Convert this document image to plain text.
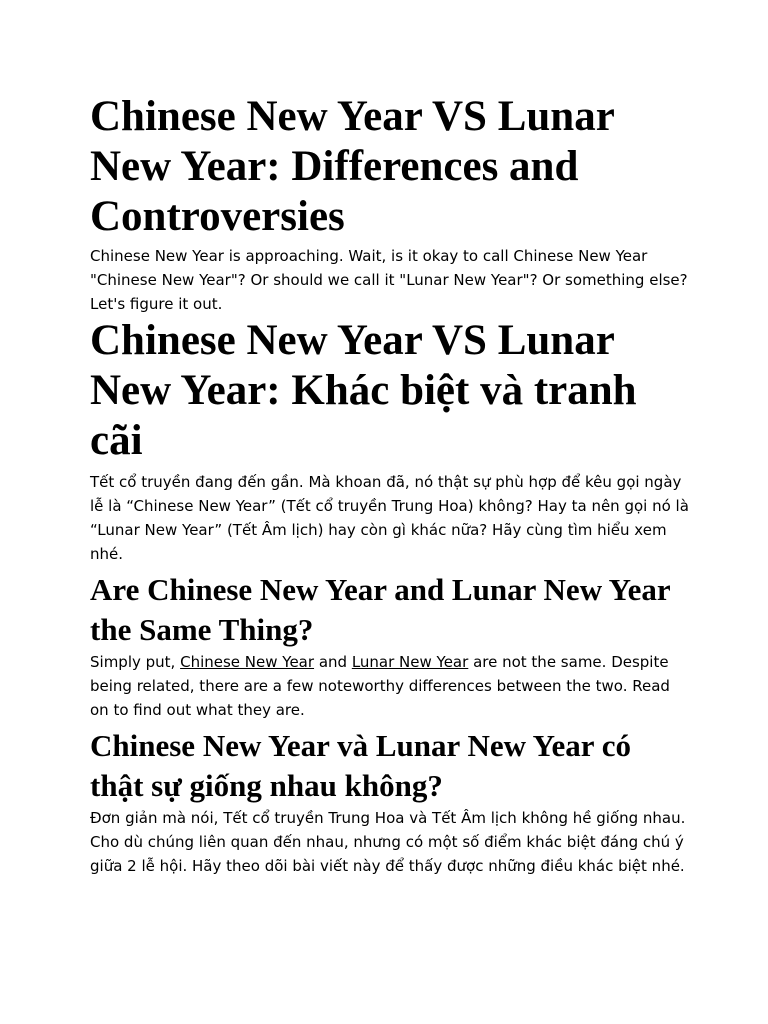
Chinese New Year VS Lunar New Year: Differences and Controversies

Chinese New Year is approaching. Wait, is it okay to call Chinese New Year "Chinese New Year"? Or should we call it "Lunar New Year"? Or something else?
Let's figure it out.

Chinese New Year VS Lunar New Year: Khác biệt và tranh cãi

Tết cổ truyền đang đến gần. Mà khoan đã, nó thật sự phù hợp để kêu gọi ngày lễ là “Chinese New Year” (Tết cổ truyền Trung Hoa) không? Hay ta nên gọi nó là “Lunar New Year” (Tết Âm lịch) hay còn gì khác nữa? Hãy cùng tìm hiểu xem nhé.

Are Chinese New Year and Lunar New Year the Same Thing?

Simply put, Chinese New Year and Lunar New Year are not the same. Despite being related, there are a few noteworthy differences between the two. Read on to find out what they are.

Chinese New Year và Lunar New Year có thật sự giống nhau không?

Đơn giản mà nói, Tết cổ truyền Trung Hoa và Tết Âm lịch không hề giống nhau. Cho dù chúng liên quan đến nhau, nhưng có một số điểm khác biệt đáng chú ý giữa 2 lễ hội. Hãy theo dõi bài viết này để thấy được những điều khác biệt nhé.
